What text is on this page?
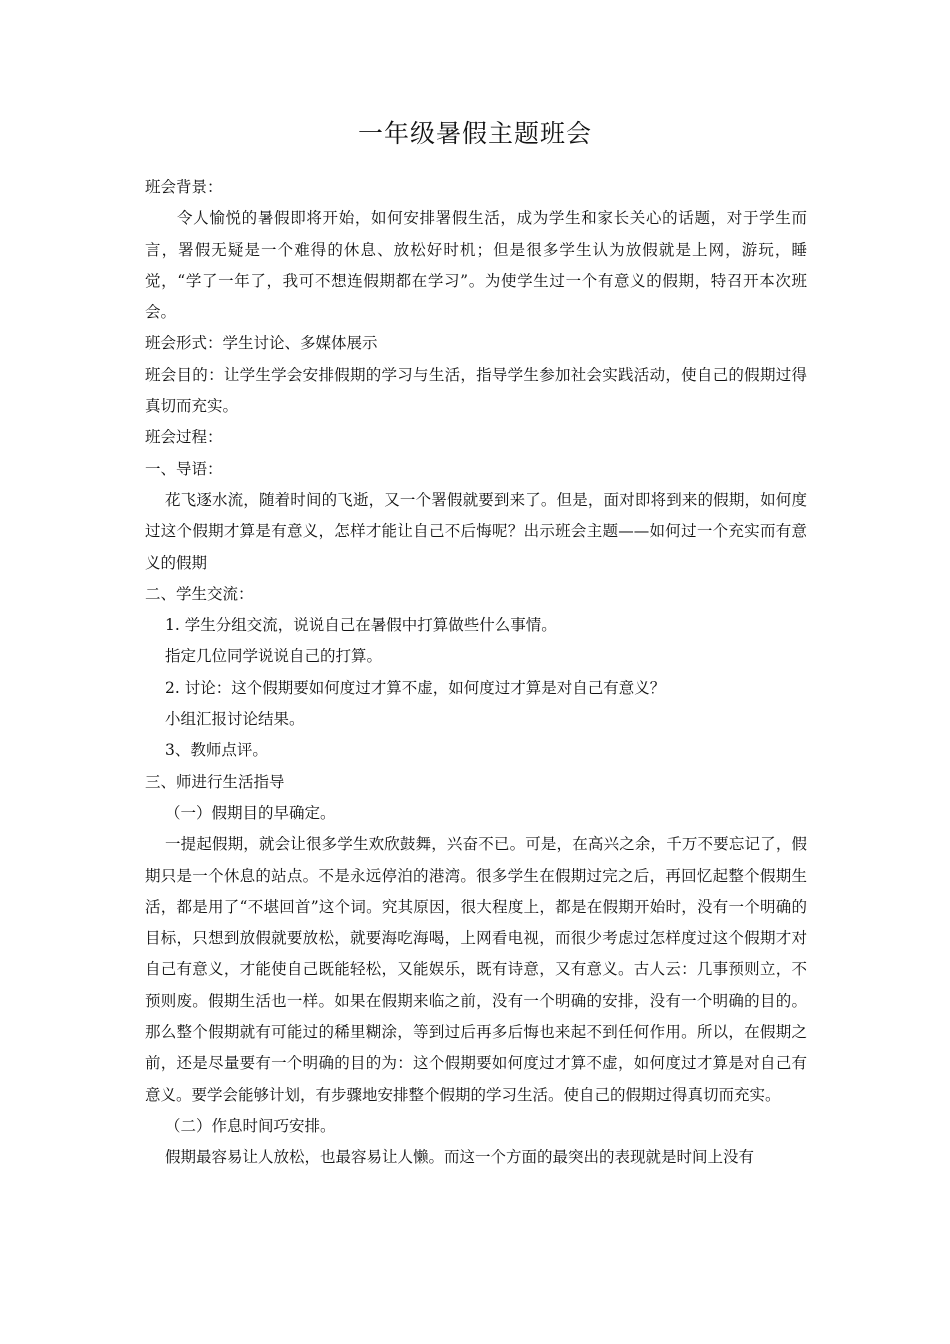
一年级暑假主题班会

班会背景：

令人愉悦的暑假即将开始，如何安排署假生活，成为学生和家长关心的话题，对于学生而言，署假无疑是一个难得的休息、放松好时机；但是很多学生认为放假就是上网，游玩，睡觉，“学了一年了，我可不想连假期都在学习”。为使学生过一个有意义的假期，特召开本次班会。

班会形式：学生讨论、多媒体展示

班会目的：让学生学会安排假期的学习与生活，指导学生参加社会实践活动，使自己的假期过得真切而充实。

班会过程：

一、导语：

花飞逐水流，随着时间的飞逝，又一个署假就要到来了。但是，面对即将到来的假期，如何度过这个假期才算是有意义，怎样才能让自己不后悔呢？出示班会主题——如何过一个充实而有意义的假期

二、学生交流：

1. 学生分组交流，说说自己在暑假中打算做些什么事情。

指定几位同学说说自己的打算。

2. 讨论：这个假期要如何度过才算不虚，如何度过才算是对自己有意义？

小组汇报讨论结果。

3、教师点评。

三、师进行生活指导

（一）假期目的早确定。

一提起假期，就会让很多学生欢欣鼓舞，兴奋不已。可是，在高兴之余，千万不要忘记了，假期只是一个休息的站点。不是永远停泊的港湾。很多学生在假期过完之后，再回忆起整个假期生活，都是用了“不堪回首”这个词。究其原因，很大程度上，都是在假期开始时，没有一个明确的目标，只想到放假就要放松，就要海吃海喝，上网看电视，而很少考虑过怎样度过这个假期才对自己有意义，才能使自己既能轻松，又能娱乐，既有诗意，又有意义。古人云：几事预则立，不预则废。假期生活也一样。如果在假期来临之前，没有一个明确的安排，没有一个明确的目的。那么整个假期就有可能过的稀里糊涂，等到过后再多后悔也来起不到任何作用。所以，在假期之前，还是尽量要有一个明确的目的为：这个假期要如何度过才算不虚，如何度过才算是对自己有意义。要学会能够计划，有步骤地安排整个假期的学习生活。使自己的假期过得真切而充实。

（二）作息时间巧安排。

假期最容易让人放松，也最容易让人懒。而这一个方面的最突出的表现就是时间上没有
